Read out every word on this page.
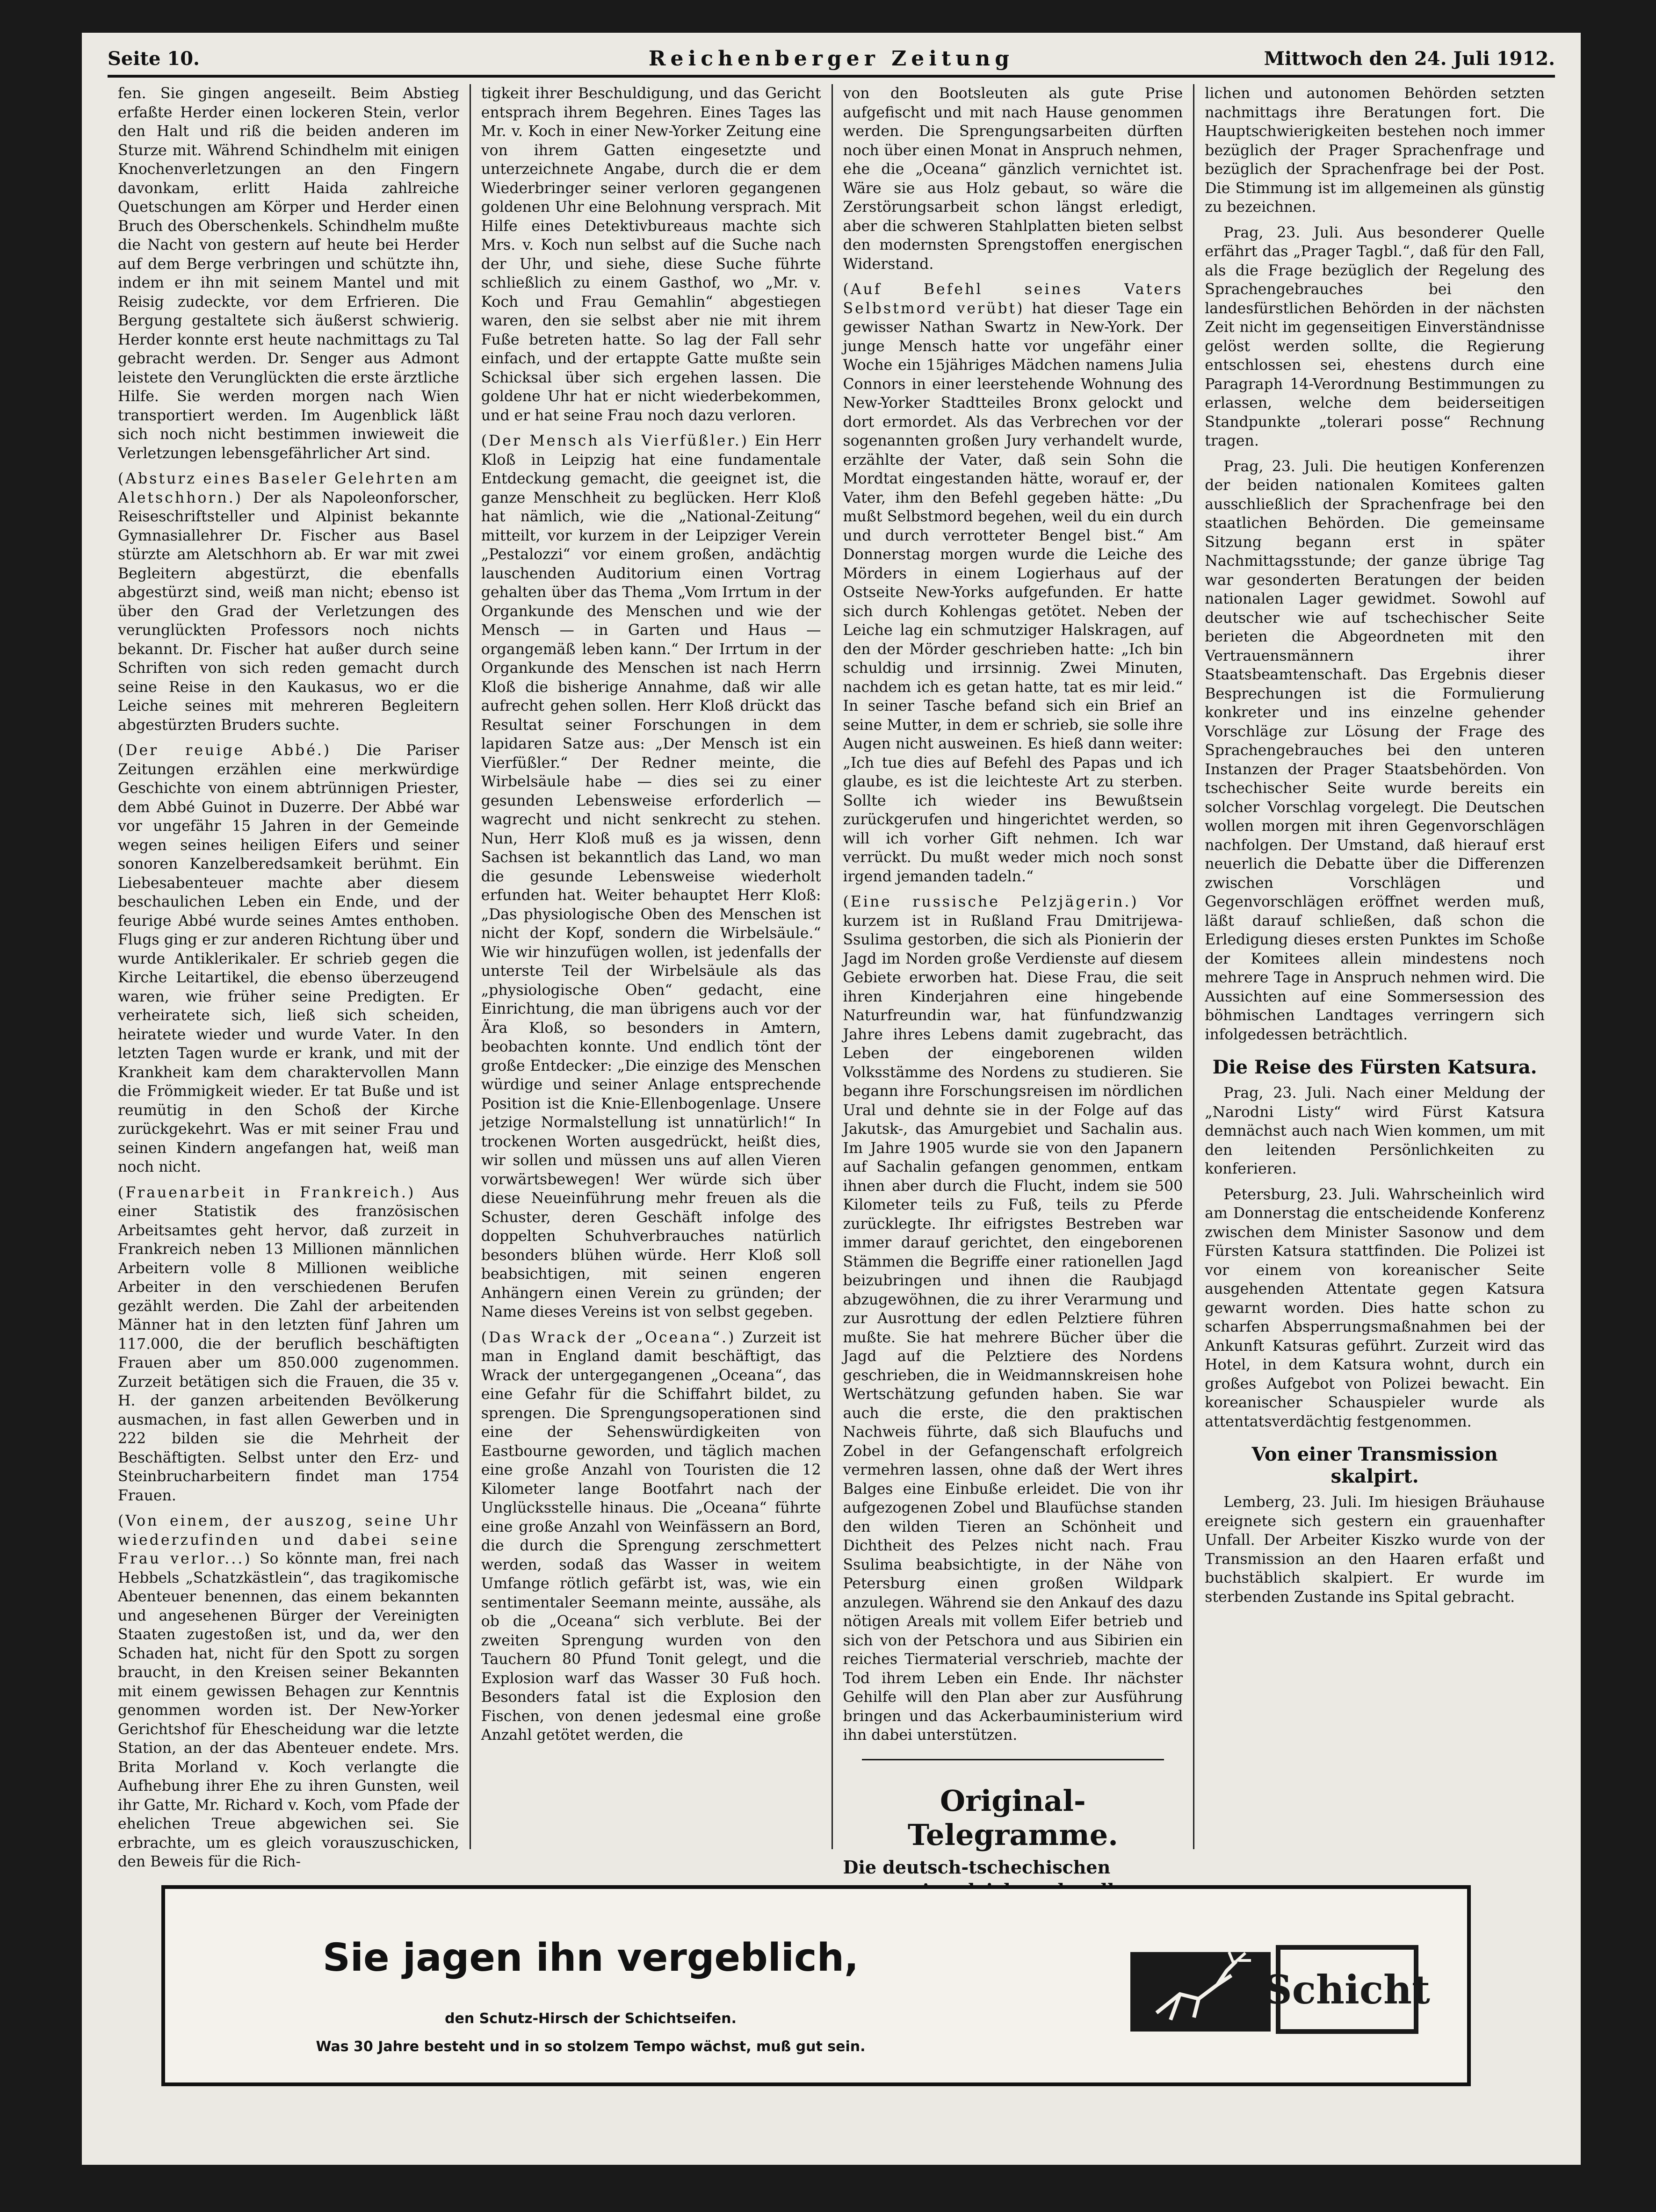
Seite 10.	Reichenberger Zeitung	Mittwoch den 24. Juli 1912.

fen. Sie gingen angeseilt. Beim Abstieg erfaßte Herder einen lockeren Stein, verlor den Halt und riß die beiden anderen im Sturze mit. Während Schindhelm mit einigen Knochenverletzungen an den Fingern davonkam, erlitt Haida zahlreiche Quetschungen am Körper und Herder einen Bruch des Oberschenkels. Schindhelm mußte die Nacht von gestern auf heute bei Herder auf dem Berge verbringen und schützte ihn, indem er ihn mit seinem Mantel und mit Reisig zudeckte, vor dem Erfrieren. Die Bergung gestaltete sich äußerst schwierig. Herder konnte erst heute nachmittags zu Tal gebracht werden. Dr. Senger aus Admont leistete den Verunglückten die erste ärztliche Hilfe. Sie werden morgen nach Wien transportiert werden. Im Augenblick läßt sich noch nicht bestimmen inwieweit die Verletzungen lebensgefährlicher Art sind.

(Absturz eines Baseler Gelehrten am Aletschhorn.) Der als Napoleonforscher, Reiseschriftsteller und Alpinist bekannte Gymnasiallehrer Dr. Fischer aus Basel stürzte am Aletschhorn ab. Er war mit zwei Begleitern abgestürzt, die ebenfalls abgestürzt sind, weiß man nicht; ebenso ist über den Grad der Verletzungen des verunglückten Professors noch nichts bekannt. Dr. Fischer hat außer durch seine Schriften von sich reden gemacht durch seine Reise in den Kaukasus, wo er die Leiche seines mit mehreren Begleitern abgestürzten Bruders suchte.

(Der reuige Abbé.) Die Pariser Zeitungen erzählen eine merkwürdige Geschichte von einem abtrünnigen Priester, dem Abbé Guinot in Duzerre. Der Abbé war vor ungefähr 15 Jahren in der Gemeinde wegen seines heiligen Eifers und seiner sonoren Kanzelberedsamkeit berühmt. Ein Liebesabenteuer machte aber diesem beschaulichen Leben ein Ende, und der feurige Abbé wurde seines Amtes enthoben. Flugs ging er zur anderen Richtung über und wurde Antiklerikaler. Er schrieb gegen die Kirche Leitartikel, die ebenso überzeugend waren, wie früher seine Predigten. Er verheiratete sich, ließ sich scheiden, heiratete wieder und wurde Vater. In den letzten Tagen wurde er krank, und mit der Krankheit kam dem charaktervollen Mann die Frömmigkeit wieder. Er tat Buße und ist reumütig in den Schoß der Kirche zurückgekehrt. Was er mit seiner Frau und seinen Kindern angefangen hat, weiß man noch nicht.

(Frauenarbeit in Frankreich.) Aus einer Statistik des französischen Arbeitsamtes geht hervor, daß zurzeit in Frankreich neben 13 Millionen männlichen Arbeitern volle 8 Millionen weibliche Arbeiter in den verschiedenen Berufen gezählt werden. Die Zahl der arbeitenden Männer hat in den letzten fünf Jahren um 117.000, die der beruflich beschäftigten Frauen aber um 850.000 zugenommen. Zurzeit betätigen sich die Frauen, die 35 v. H. der ganzen arbeitenden Bevölkerung ausmachen, in fast allen Gewerben und in 222 bilden sie die Mehrheit der Beschäftigten. Selbst unter den Erz- und Steinbrucharbeitern findet man 1754 Frauen.

(Von einem, der auszog, seine Uhr wiederzufinden und dabei seine Frau verlor...) So könnte man, frei nach Hebbels „Schatzkästlein“, das tragikomische Abenteuer benennen, das einem bekannten und angesehenen Bürger der Vereinigten Staaten zugestoßen ist, und da, wer den Schaden hat, nicht für den Spott zu sorgen braucht, in den Kreisen seiner Bekannten mit einem gewissen Behagen zur Kenntnis genommen worden ist. Der New-Yorker Gerichtshof für Ehescheidung war die letzte Station, an der das Abenteuer endete. Mrs. Brita Morland v. Koch verlangte die Aufhebung ihrer Ehe zu ihren Gunsten, weil ihr Gatte, Mr. Richard v. Koch, vom Pfade der ehelichen Treue abgewichen sei. Sie erbrachte, um es gleich vorauszuschicken, den Beweis für die Rich-

tigkeit ihrer Beschuldigung, und das Gericht entsprach ihrem Begehren. Eines Tages las Mr. v. Koch in einer New-Yorker Zeitung eine von ihrem Gatten eingesetzte und unterzeichnete Angabe, durch die er dem Wiederbringer seiner verloren gegangenen goldenen Uhr eine Belohnung versprach. Mit Hilfe eines Detektivbureaus machte sich Mrs. v. Koch nun selbst auf die Suche nach der Uhr, und siehe, diese Suche führte schließlich zu einem Gasthof, wo „Mr. v. Koch und Frau Gemahlin“ abgestiegen waren, den sie selbst aber nie mit ihrem Fuße betreten hatte. So lag der Fall sehr einfach, und der ertappte Gatte mußte sein Schicksal über sich ergehen lassen. Die goldene Uhr hat er nicht wiederbekommen, und er hat seine Frau noch dazu verloren.

(Der Mensch als Vierfüßler.) Ein Herr Kloß in Leipzig hat eine fundamentale Entdeckung gemacht, die geeignet ist, die ganze Menschheit zu beglücken. Herr Kloß hat nämlich, wie die „National-Zeitung“ mitteilt, vor kurzem in der Leipziger Verein „Pestalozzi“ vor einem großen, andächtig lauschenden Auditorium einen Vortrag gehalten über das Thema „Vom Irrtum in der Organkunde des Menschen und wie der Mensch — in Garten und Haus — organgemäß leben kann.“ Der Irrtum in der Organkunde des Menschen ist nach Herrn Kloß die bisherige Annahme, daß wir alle aufrecht gehen sollen. Herr Kloß drückt das Resultat seiner Forschungen in dem lapidaren Satze aus: „Der Mensch ist ein Vierfüßler.“ Der Redner meinte, die Wirbelsäule habe — dies sei zu einer gesunden Lebensweise erforderlich — wagrecht und nicht senkrecht zu stehen. Nun, Herr Kloß muß es ja wissen, denn Sachsen ist bekanntlich das Land, wo man die gesunde Lebensweise wiederholt erfunden hat. Weiter behauptet Herr Kloß: „Das physiologische Oben des Menschen ist nicht der Kopf, sondern die Wirbelsäule.“ Wie wir hinzufügen wollen, ist jedenfalls der unterste Teil der Wirbelsäule als das „physiologische Oben“ gedacht, eine Einrichtung, die man übrigens auch vor der Ära Kloß, so besonders in Amtern, beobachten konnte. Und endlich tönt der große Entdecker: „Die einzige des Menschen würdige und seiner Anlage entsprechende Position ist die Knie-Ellenbogenlage. Unsere jetzige Normalstellung ist unnatürlich!“ In trockenen Worten ausgedrückt, heißt dies, wir sollen und müssen uns auf allen Vieren vorwärtsbewegen! Wer würde sich über diese Neueinführung mehr freuen als die Schuster, deren Geschäft infolge des doppelten Schuhverbrauches natürlich besonders blühen würde. Herr Kloß soll beabsichtigen, mit seinen engeren Anhängern einen Verein zu gründen; der Name dieses Vereins ist von selbst gegeben.

(Das Wrack der „Oceana“.) Zurzeit ist man in England damit beschäftigt, das Wrack der untergegangenen „Oceana“, das eine Gefahr für die Schiffahrt bildet, zu sprengen. Die Sprengungsoperationen sind eine der Sehenswürdigkeiten von Eastbourne geworden, und täglich machen eine große Anzahl von Touristen die 12 Kilometer lange Bootfahrt nach der Unglücksstelle hinaus. Die „Oceana“ führte eine große Anzahl von Weinfässern an Bord, die durch die Sprengung zerschmettert werden, sodaß das Wasser in weitem Umfange rötlich gefärbt ist, was, wie ein sentimentaler Seemann meinte, aussähe, als ob die „Oceana“ sich verblute. Bei der zweiten Sprengung wurden von den Tauchern 80 Pfund Tonit gelegt, und die Explosion warf das Wasser 30 Fuß hoch. Besonders fatal ist die Explosion den Fischen, von denen jedesmal eine große Anzahl getötet werden, die

von den Bootsleuten als gute Prise aufgefischt und mit nach Hause genommen werden. Die Sprengungsarbeiten dürften noch über einen Monat in Anspruch nehmen, ehe die „Oceana“ gänzlich vernichtet ist. Wäre sie aus Holz gebaut, so wäre die Zerstörungsarbeit schon längst erledigt, aber die schweren Stahlplatten bieten selbst den modernsten Sprengstoffen energischen Widerstand.

(Auf Befehl seines Vaters Selbstmord verübt) hat dieser Tage ein gewisser Nathan Swartz in New-York. Der junge Mensch hatte vor ungefähr einer Woche ein 15jähriges Mädchen namens Julia Connors in einer leerstehende Wohnung des New-Yorker Stadtteiles Bronx gelockt und dort ermordet. Als das Verbrechen vor der sogenannten großen Jury verhandelt wurde, erzählte der Vater, daß sein Sohn die Mordtat eingestanden hätte, worauf er, der Vater, ihm den Befehl gegeben hätte: „Du mußt Selbstmord begehen, weil du ein durch und durch verrotteter Bengel bist.“ Am Donnerstag morgen wurde die Leiche des Mörders in einem Logierhaus auf der Ostseite New-Yorks aufgefunden. Er hatte sich durch Kohlengas getötet. Neben der Leiche lag ein schmutziger Halskragen, auf den der Mörder geschrieben hatte: „Ich bin schuldig und irrsinnig. Zwei Minuten, nachdem ich es getan hatte, tat es mir leid.“ In seiner Tasche befand sich ein Brief an seine Mutter, in dem er schrieb, sie solle ihre Augen nicht ausweinen. Es hieß dann weiter: „Ich tue dies auf Befehl des Papas und ich glaube, es ist die leichteste Art zu sterben. Sollte ich wieder ins Bewußtsein zurückgerufen und hingerichtet werden, so will ich vorher Gift nehmen. Ich war verrückt. Du mußt weder mich noch sonst irgend jemanden tadeln.“

(Eine russische Pelzjägerin.) Vor kurzem ist in Rußland Frau Dmitrijewa-Ssulima gestorben, die sich als Pionierin der Jagd im Norden große Verdienste auf diesem Gebiete erworben hat. Diese Frau, die seit ihren Kinderjahren eine hingebende Naturfreundin war, hat fünfundzwanzig Jahre ihres Lebens damit zugebracht, das Leben der eingeborenen wilden Volksstämme des Nordens zu studieren. Sie begann ihre Forschungsreisen im nördlichen Ural und dehnte sie in der Folge auf das Jakutsk-, das Amurgebiet und Sachalin aus. Im Jahre 1905 wurde sie von den Japanern auf Sachalin gefangen genommen, entkam ihnen aber durch die Flucht, indem sie 500 Kilometer teils zu Fuß, teils zu Pferde zurücklegte. Ihr eifrigstes Bestreben war immer darauf gerichtet, den eingeborenen Stämmen die Begriffe einer rationellen Jagd beizubringen und ihnen die Raubjagd abzugewöhnen, die zu ihrer Verarmung und zur Ausrottung der edlen Pelztiere führen mußte. Sie hat mehrere Bücher über die Jagd auf die Pelztiere des Nordens geschrieben, die in Weidmannskreisen hohe Wertschätzung gefunden haben. Sie war auch die erste, die den praktischen Nachweis führte, daß sich Blaufuchs und Zobel in der Gefangenschaft erfolgreich vermehren lassen, ohne daß der Wert ihres Balges eine Einbuße erleidet. Die von ihr aufgezogenen Zobel und Blaufüchse standen den wilden Tieren an Schönheit und Dichtheit des Pelzes nicht nach. Frau Ssulima beabsichtigte, in der Nähe von Petersburg einen großen Wildpark anzulegen. Während sie den Ankauf des dazu nötigen Areals mit vollem Eifer betrieb und sich von der Petschora und aus Sibirien ein reiches Tiermaterial verschrieb, machte der Tod ihrem Leben ein Ende. Ihr nächster Gehilfe will den Plan aber zur Ausführung bringen und das Ackerbauministerium wird ihn dabei unterstützen.

Original-Telegramme.
Die deutsch-tschechischen

lichen und autonomen Behörden setzten nachmittags ihre Beratungen fort. Die Hauptschwierigkeiten bestehen noch immer bezüglich der Prager Sprachenfrage und bezüglich der Sprachenfrage bei der Post. Die Stimmung ist im allgemeinen als günstig zu bezeichnen.

Prag, 23. Juli. Aus besonderer Quelle erfährt das „Prager Tagbl.“, daß für den Fall, als die Frage bezüglich der Regelung des Sprachengebrauches bei den landesfürstlichen Behörden in der nächsten Zeit nicht im gegenseitigen Einverständnisse gelöst werden sollte, die Regierung entschlossen sei, ehestens durch eine Paragraph 14-Verordnung Bestimmungen zu erlassen, welche dem beiderseitigen Standpunkte „tolerari posse“ Rechnung tragen.

Prag, 23. Juli. Die heutigen Konferenzen der beiden nationalen Komitees galten ausschließlich der Sprachenfrage bei den staatlichen Behörden. Die gemeinsame Sitzung begann erst in später Nachmittagsstunde; der ganze übrige Tag war gesonderten Beratungen der beiden nationalen Lager gewidmet. Sowohl auf deutscher wie auf tschechischer Seite berieten die Abgeordneten mit den Vertrauensmännern ihrer Staatsbeamtenschaft. Das Ergebnis dieser Besprechungen ist die Formulierung konkreter und ins einzelne gehender Vorschläge zur Lösung der Frage des Sprachengebrauches bei den unteren Instanzen der Prager Staatsbehörden. Von tschechischer Seite wurde bereits ein solcher Vorschlag vorgelegt. Die Deutschen wollen morgen mit ihren Gegenvorschlägen nachfolgen. Der Umstand, daß hierauf erst neuerlich die Debatte über die Differenzen zwischen Vorschlägen und Gegenvorschlägen eröffnet werden muß, läßt darauf schließen, daß schon die Erledigung dieses ersten Punktes im Schoße der Komitees allein mindestens noch mehrere Tage in Anspruch nehmen wird. Die Aussichten auf eine Sommersession des böhmischen Landtages verringern sich infolgedessen beträchtlich.

Die Reise des Fürsten Katsura.

Prag, 23. Juli. Nach einer Meldung der „Narodni Listy“ wird Fürst Katsura demnächst auch nach Wien kommen, um mit den leitenden Persönlichkeiten zu konferieren.

Petersburg, 23. Juli. Wahrscheinlich wird am Donnerstag die entscheidende Konferenz zwischen dem Minister Sasonow und dem Fürsten Katsura stattfinden. Die Polizei ist vor einem von koreanischer Seite ausgehenden Attentate gegen Katsura gewarnt worden. Dies hatte schon zu scharfen Absperrungsmaßnahmen bei der Ankunft Katsuras geführt. Zurzeit wird das Hotel, in dem Katsura wohnt, durch ein großes Aufgebot von Polizei bewacht. Ein koreanischer Schauspieler wurde als attentatsverdächtig festgenommen.

Von einer Transmission skalpirt.

Lemberg, 23. Juli. Im hiesigen Bräuhause ereignete sich gestern ein grauenhafter Unfall. Der Arbeiter Kiszko wurde von der Transmission an den Haaren erfaßt und buchstäblich skalpiert. Er wurde im sterbenden Zustande ins Spital gebracht.

Sie jagen ihn vergeblich,
den Schutz-Hirsch der Schichtseifen.
Was 30 Jahre besteht und in so stolzem Tempo wächst, muß gut sein.
Schicht
